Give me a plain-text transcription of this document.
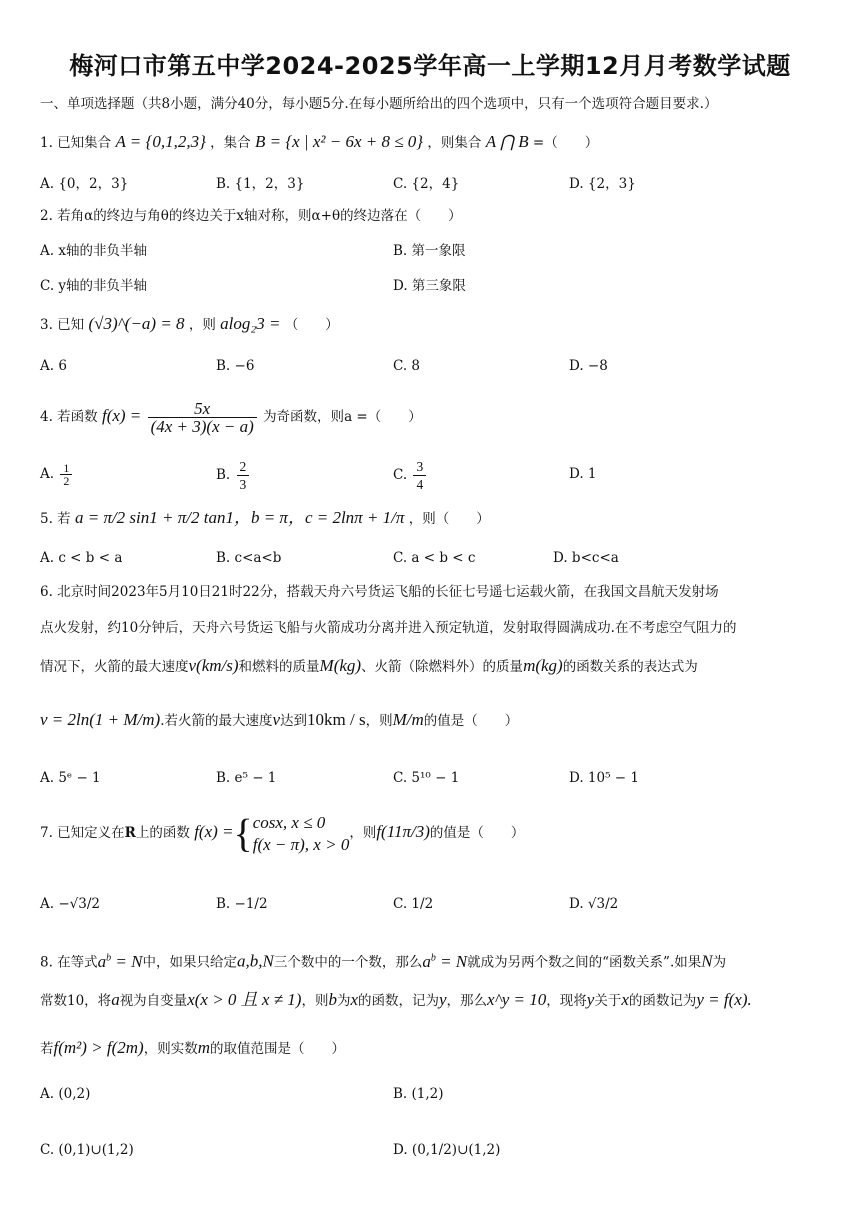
梅河口市第五中学2024-2025学年高一上学期12月月考数学试题
一、单项选择题（共8小题，满分40分，每小题5分.在每小题所给出的四个选项中，只有一个选项符合题目要求.）
1. 已知集合 A = {0,1,2,3} ，集合 B = {x | x² − 6x + 8 ≤ 0} ，则集合 A ⋂ B =（　　）
A. {0，2，3}	B. {1，2，3}	C. {2，4}	D. {2，3}
2. 若角α的终边与角θ的终边关于x轴对称，则α+θ的终边落在（　　）
A. x轴的非负半轴	B. 第一象限
C. y轴的非负半轴	D. 第三象限
3. 已知 (√3)^(−a) = 8 ，则 alog₂3 = （　　）
A. 6	B. −6	C. 8	D. −8
4. 若函数 $f(x) = \frac{5x}{(4x + 3)(x - a)}$ 为奇函数，则a =（　　）
A. $\frac{1}{2}$	B. $\frac{2}{3}$	C. $\frac{3}{4}$	D. 1
5. 若 a = π/2 sin1 + π/2 tan1，b = π，c = 2lnπ + 1/π ，则（　　）
A. c < b < a	B. c<a<b	C. a < b < c	D. b<c<a
6. 北京时间2023年5月10日21时22分，搭载天舟六号货运飞船的长征七号遥七运载火箭，在我国文昌航天发射场
点火发射，约10分钟后，天舟六号货运飞船与火箭成功分离并进入预定轨道，发射取得圆满成功.在不考虑空气阻力的
情况下，火箭的最大速度v(km/s)和燃料的质量M(kg)、火箭（除燃料外）的质量m(kg)的函数关系的表达式为
v = 2ln(1 + M/m).若火箭的最大速度v达到10km / s，则M/m的值是（　　）
A. 5ᵉ − 1	B. e⁵ − 1	C. 5¹⁰ − 1	D. 10⁵ − 1
7. 已知定义在R上的函数 f(x) ={ cosx, x ≤ 0
f(x − π), x > 0
，则f(11π/3)的值是（　　）
A. −√3/2	B. −1/2	C. 1/2	D. √3/2
8. 在等式$a^b = N$中，如果只给定a,b,N三个数中的一个数，那么$a^b = N$就成为另两个数之间的“函数关系”.如果N为
常数10，将a视为自变量x(x > 0 且 x ≠ 1)，则b为x的函数，记为y，那么x^y = 10，现将y关于x的函数记为y = f(x).
若f(m²) > f(2m)，则实数m的取值范围是（　　）
A. (0,2)	B. (1,2)
C. (0,1)∪(1,2)	D. (0,1/2)∪(1,2)
